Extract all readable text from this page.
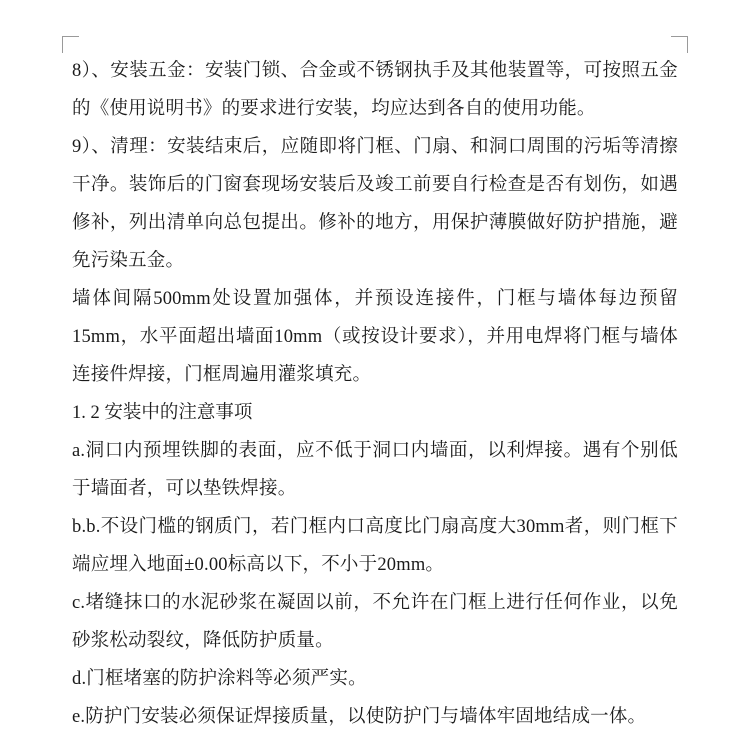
8）、安装五金：安装门锁、合金或不锈钢执手及其他装置等，可按照五金的《使用说明书》的要求进行安装，均应达到各自的使用功能。

9）、清理：安装结束后，应随即将门框、门扇、和洞口周围的污垢等清擦干净。装饰后的门窗套现场安装后及竣工前要自行检查是否有划伤，如遇修补，列出清单向总包提出。修补的地方，用保护薄膜做好防护措施，避免污染五金。

墙体间隔500mm处设置加强体，并预设连接件，门框与墙体每边预留15mm，水平面超出墙面10mm（或按设计要求），并用电焊将门框与墙体连接件焊接，门框周遍用灌浆填充。

1. 2 安装中的注意事项

a.洞口内预埋铁脚的表面，应不低于洞口内墙面，以利焊接。遇有个别低于墙面者，可以垫铁焊接。

b.b.不设门槛的钢质门，若门框内口高度比门扇高度大30mm者，则门框下端应埋入地面±0.00标高以下，不小于20mm。

c.堵缝抹口的水泥砂浆在凝固以前，不允许在门框上进行任何作业，以免砂浆松动裂纹，降低防护质量。

d.门框堵塞的防护涂料等必须严实。

e.防护门安装必须保证焊接质量，以使防护门与墙体牢固地结成一体。
